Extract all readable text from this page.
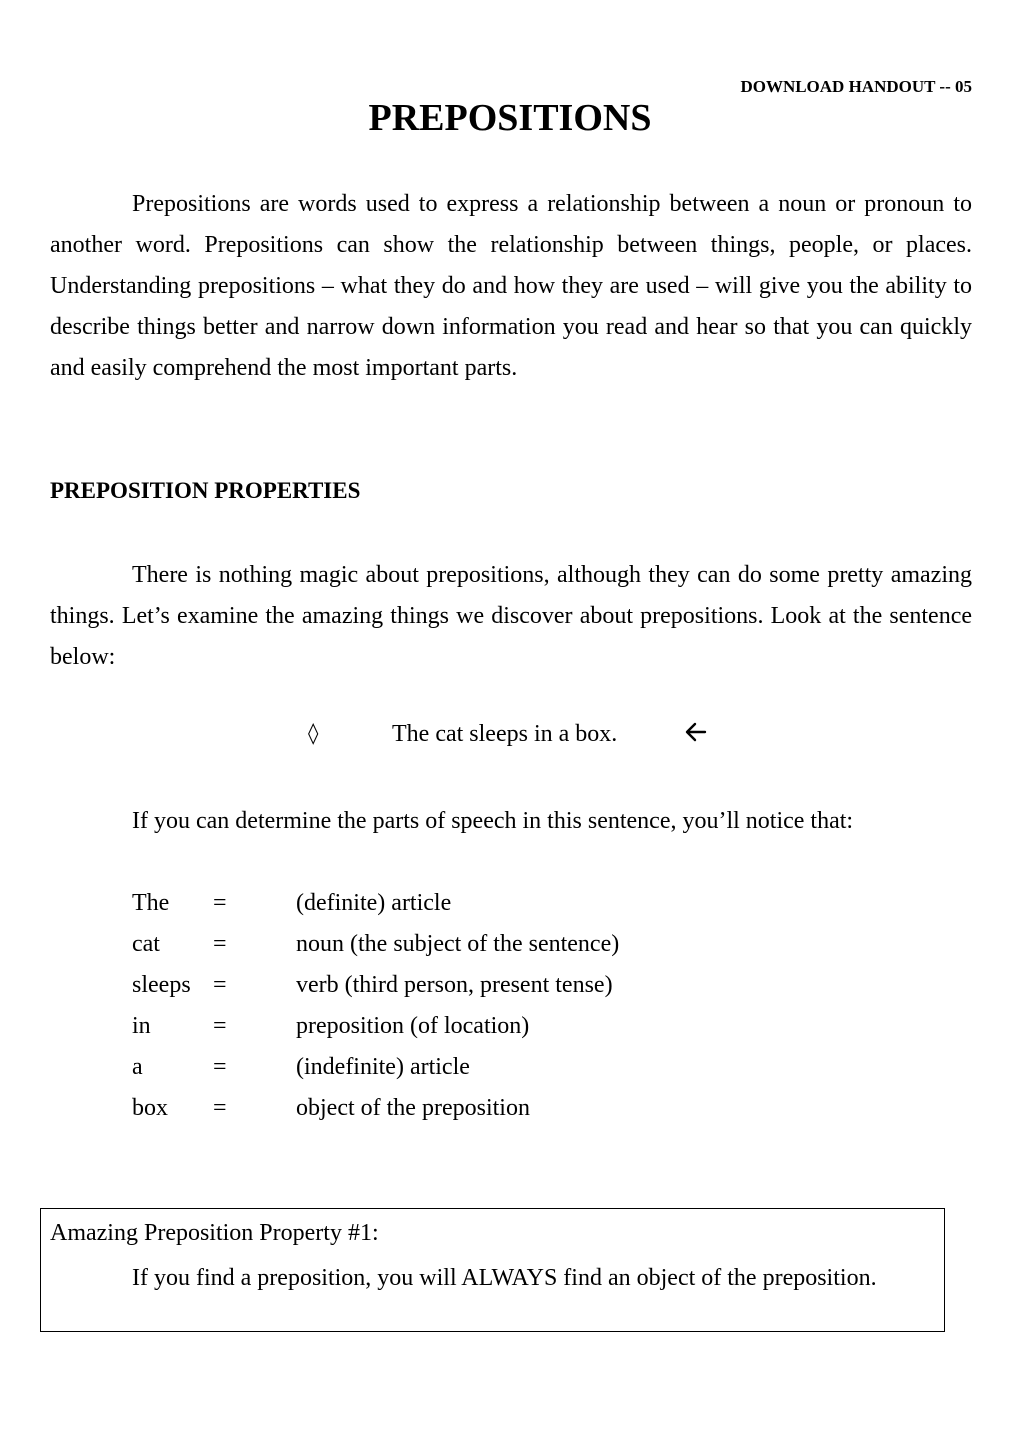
DOWNLOAD HANDOUT -- 05
PREPOSITIONS

Prepositions are words used to express a relationship between a noun or pronoun to another word. Prepositions can show the relationship between things, people, or places. Understanding prepositions – what they do and how they are used – will give you the ability to describe things better and narrow down information you read and hear so that you can quickly and easily comprehend the most important parts.

PREPOSITION PROPERTIES

There is nothing magic about prepositions, although they can do some pretty amazing things. Let’s examine the amazing things we discover about prepositions. Look at the sentence below:

◊	The cat sleeps in a box.

If you can determine the parts of speech in this sentence, you’ll notice that:

The =	(definite) article
cat =	noun (the subject of the sentence)
sleeps =	verb (third person, present tense)
in	=	preposition (of location)
a	=	(indefinite) article
box =	object of the preposition
Amazing Preposition Property #1:
If you find a preposition, you will ALWAYS find an object of the preposition.
